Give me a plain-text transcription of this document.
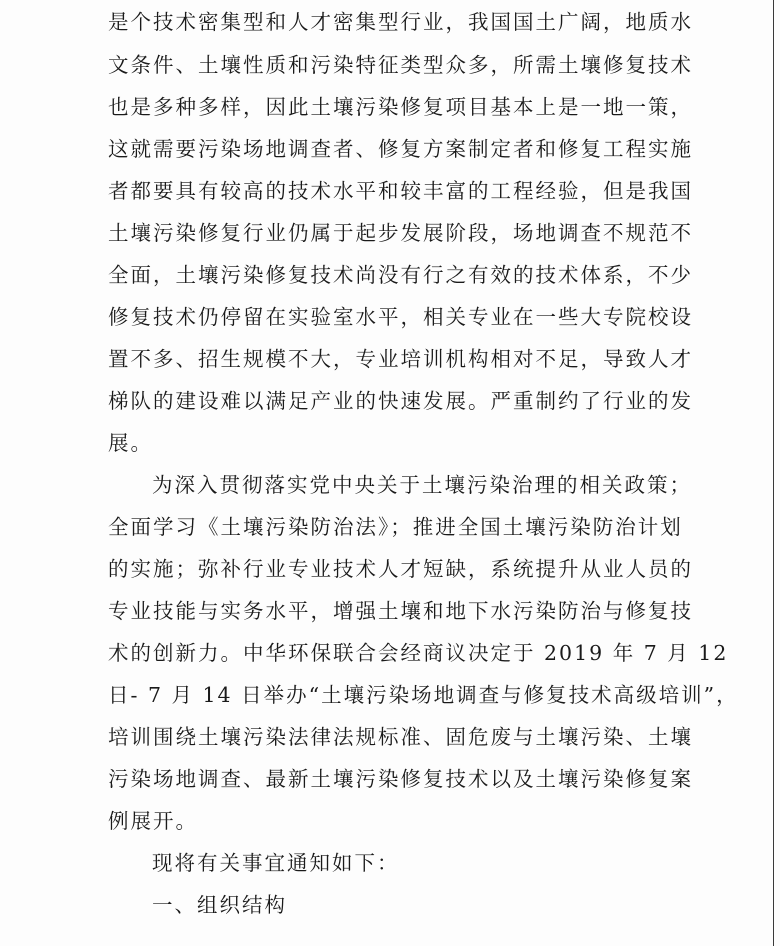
是个技术密集型和人才密集型行业，我国国土广阔，地质水
文条件、土壤性质和污染特征类型众多，所需土壤修复技术
也是多种多样，因此土壤污染修复项目基本上是一地一策，
这就需要污染场地调查者、修复方案制定者和修复工程实施
者都要具有较高的技术水平和较丰富的工程经验，但是我国
土壤污染修复行业仍属于起步发展阶段，场地调查不规范不
全面，土壤污染修复技术尚没有行之有效的技术体系，不少
修复技术仍停留在实验室水平，相关专业在一些大专院校设
置不多、招生规模不大，专业培训机构相对不足，导致人才
梯队的建设难以满足产业的快速发展。严重制约了行业的发
展。
为深入贯彻落实党中央关于土壤污染治理的相关政策；
全面学习《土壤污染防治法》；推进全国土壤污染防治计划
的实施；弥补行业专业技术人才短缺，系统提升从业人员的
专业技能与实务水平，增强土壤和地下水污染防治与修复技
术的创新力。中华环保联合会经商议决定于 2019 年 7 月 12
日- 7 月 14 日举办“土壤污染场地调查与修复技术高级培训”，
培训围绕土壤污染法律法规标准、固危废与土壤污染、土壤
污染场地调查、最新土壤污染修复技术以及土壤污染修复案
例展开。
现将有关事宜通知如下：
一、组织结构
